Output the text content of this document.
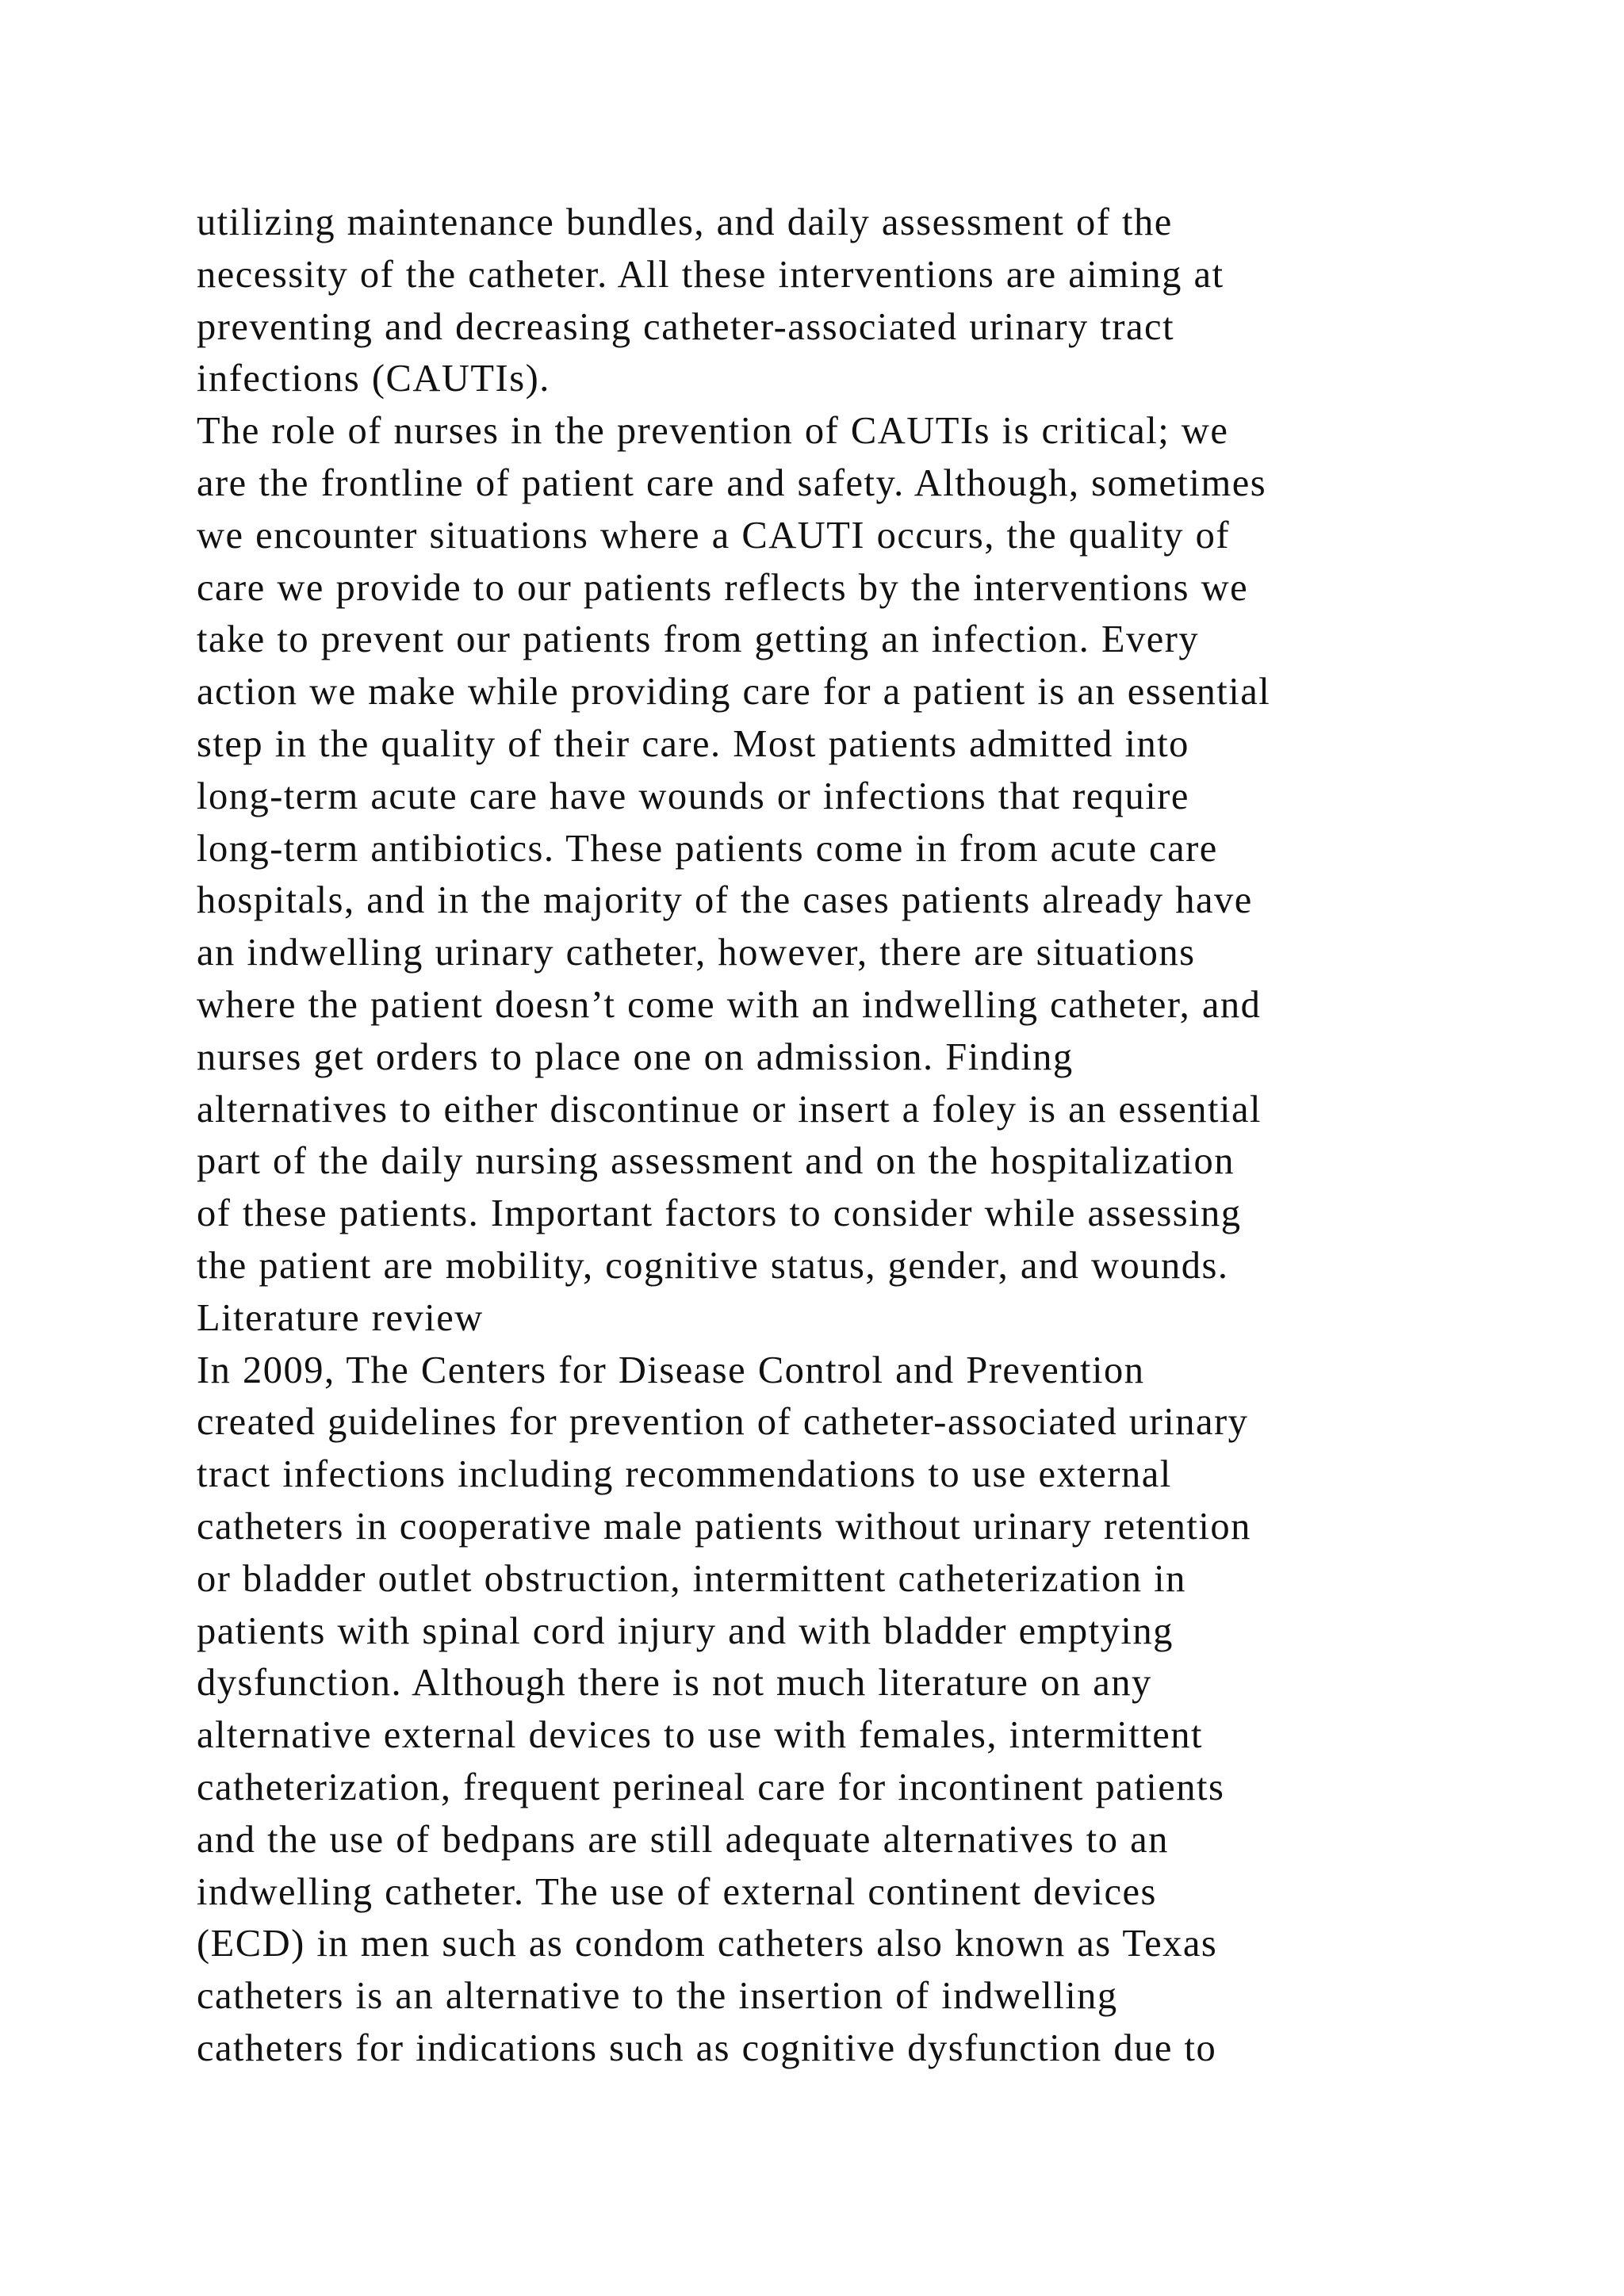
utilizing maintenance bundles, and daily assessment of the
necessity of the catheter. All these interventions are aiming at
preventing and decreasing catheter-associated urinary tract
infections (CAUTIs).
The role of nurses in the prevention of CAUTIs is critical; we
are the frontline of patient care and safety. Although, sometimes
we encounter situations where a CAUTI occurs, the quality of
care we provide to our patients reflects by the interventions we
take to prevent our patients from getting an infection. Every
action we make while providing care for a patient is an essential
step in the quality of their care. Most patients admitted into
long-term acute care have wounds or infections that require
long-term antibiotics. These patients come in from acute care
hospitals, and in the majority of the cases patients already have
an indwelling urinary catheter, however, there are situations
where the patient doesn’t come with an indwelling catheter, and
nurses get orders to place one on admission. Finding
alternatives to either discontinue or insert a foley is an essential
part of the daily nursing assessment and on the hospitalization
of these patients. Important factors to consider while assessing
the patient are mobility, cognitive status, gender, and wounds.
Literature review
In 2009, The Centers for Disease Control and Prevention
created guidelines for prevention of catheter-associated urinary
tract infections including recommendations to use external
catheters in cooperative male patients without urinary retention
or bladder outlet obstruction, intermittent catheterization in
patients with spinal cord injury and with bladder emptying
dysfunction. Although there is not much literature on any
alternative external devices to use with females, intermittent
catheterization, frequent perineal care for incontinent patients
and the use of bedpans are still adequate alternatives to an
indwelling catheter. The use of external continent devices
(ECD) in men such as condom catheters also known as Texas
catheters is an alternative to the insertion of indwelling
catheters for indications such as cognitive dysfunction due to
